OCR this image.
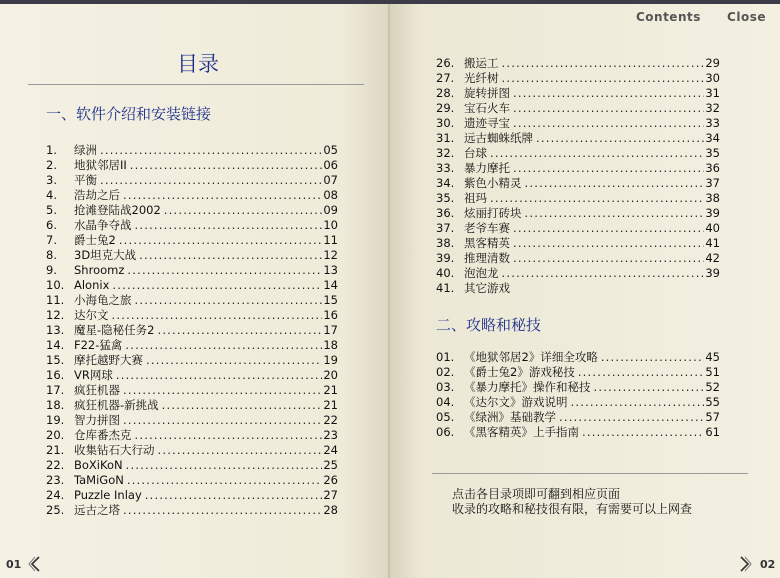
目录
一、软件介绍和安装链接
1.	绿洲 .....	05
2.	地狱邻居II .....	06
3.	平衡 .....	07
4.	浩劫之后 .....	08
5.	抢滩登陆战2002 .....	09
6.	水晶争夺战 .....	10
7.	爵士兔2 .....	11
8.	3D坦克大战 .....	12
9.	Shroomz .....	13
10. Alonix .....	14
11. 小海龟之旅 .....	15
12. 达尔文 .....	16
13. 魔星-隐秘任务2 .....	17
14. F22-猛禽 .....	18
15. 摩托越野大赛 .....	19
16. VR网球 .....	20
17. 疯狂机器 .....	21
18. 疯狂机器-新挑战 .....	21
19. 智力拼图 .....	22
20. 仓库番杰克 .....	23
21. 收集钻石大行动 .....	24
22. BoXiKoN .....	25
23. TaMiGoN .....	26
24. Puzzle Inlay .....	27
25. 远古之塔 .....	28
01
26. 搬运工 .....	29
27. 光纤树 .....	30
28. 旋转拼图 .....	31
29. 宝石火车 .....	32
30. 遗迹寻宝 .....	33
31. 远古蜘蛛纸牌 .....	34
32. 台球 .....	35
33. 暴力摩托 .....	36
34. 紫色小精灵 .....	37
35. 祖玛 .....	38
36. 炫丽打砖块 .....	39
37. 老爷车赛 .....	40
38. 黑客精英 .....	41
39. 推理清数 .....	42
40. 泡泡龙 .....	39
41. 其它游戏
二、攻略和秘技
01. 《地狱邻居2》详细全攻略 .....	45
02. 《爵士兔2》游戏秘技 .....	51
03. 《暴力摩托》操作和秘技 .....	52
04. 《达尔文》游戏说明 .....	55
05. 《绿洲》基础教学 .....	57
06. 《黑客精英》上手指南 .....	61
02
点击各目录项即可翻到相应页面
收录的攻略和秘技很有限，有需要可以上网查
Contents Close
